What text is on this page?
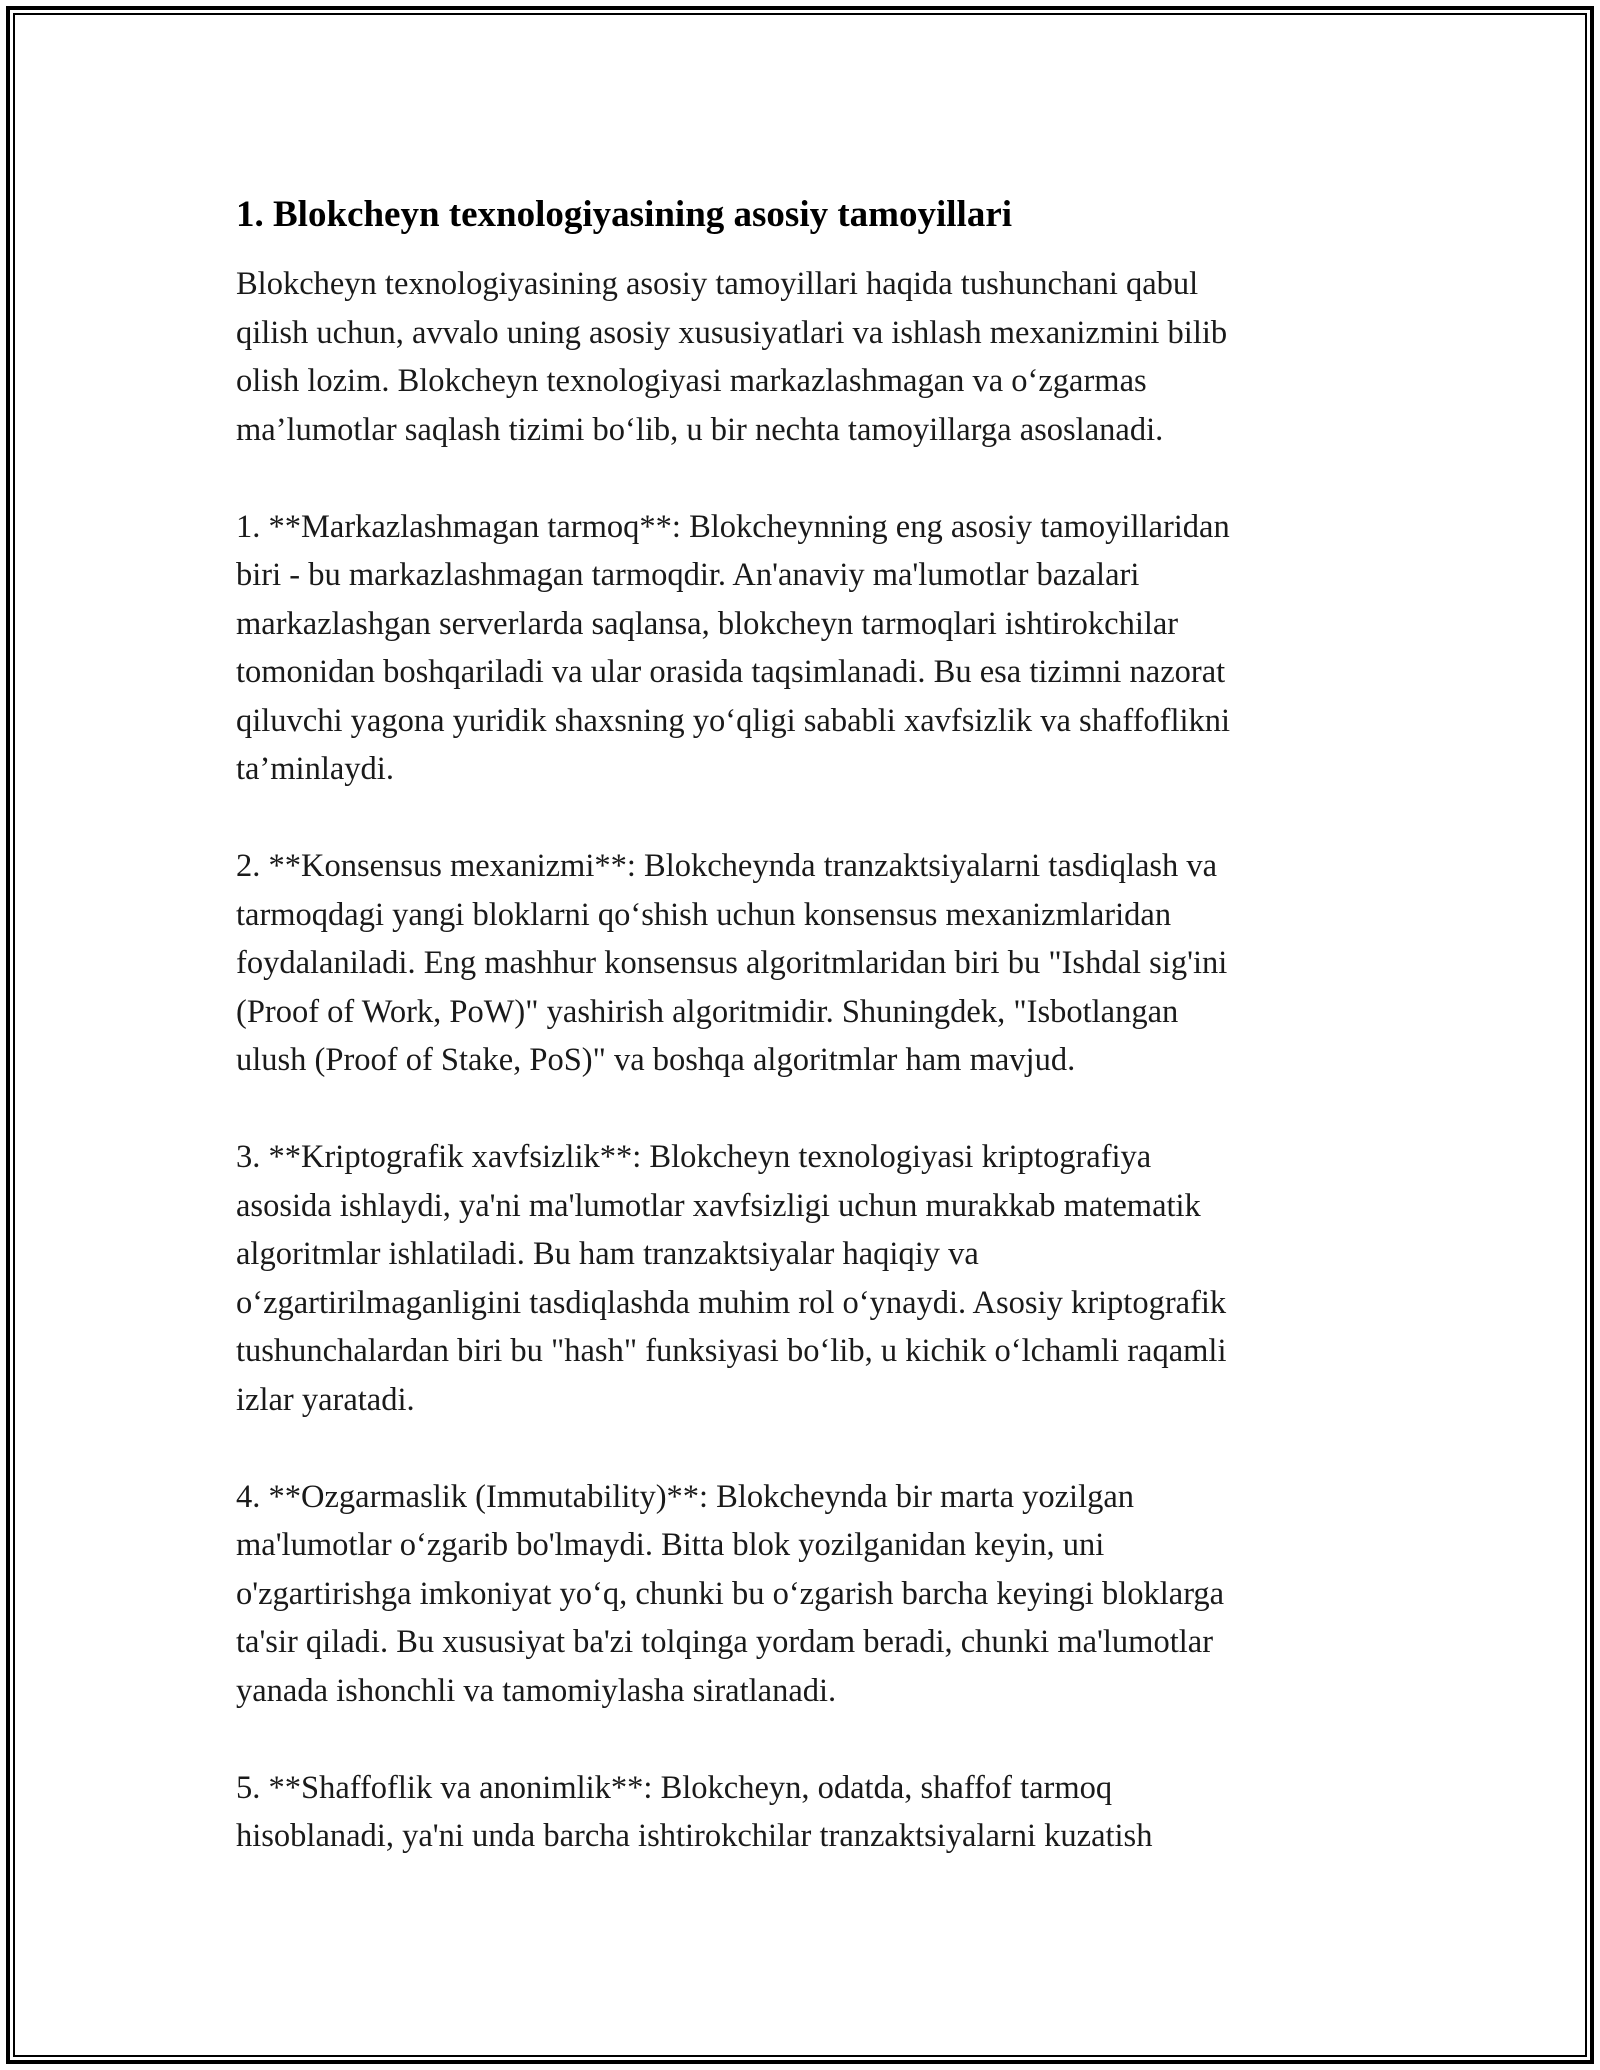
1. Blokcheyn texnologiyasining asosiy tamoyillari

Blokcheyn texnologiyasining asosiy tamoyillari haqida tushunchani qabul
qilish uchun, avvalo uning asosiy xususiyatlari va ishlash mexanizmini bilib
olish lozim. Blokcheyn texnologiyasi markazlashmagan va o‘zgarmas
ma’lumotlar saqlash tizimi bo‘lib, u bir nechta tamoyillarga asoslanadi.

1. **Markazlashmagan tarmoq**: Blokcheynning eng asosiy tamoyillaridan
biri - bu markazlashmagan tarmoqdir. An'anaviy ma'lumotlar bazalari
markazlashgan serverlarda saqlansa, blokcheyn tarmoqlari ishtirokchilar
tomonidan boshqariladi va ular orasida taqsimlanadi. Bu esa tizimni nazorat
qiluvchi yagona yuridik shaxsning yo‘qligi sababli xavfsizlik va shaffoflikni
ta’minlaydi.

2. **Konsensus mexanizmi**: Blokcheynda tranzaktsiyalarni tasdiqlash va
tarmoqdagi yangi bloklarni qo‘shish uchun konsensus mexanizmlaridan
foydalaniladi. Eng mashhur konsensus algoritmlaridan biri bu "Ishdal sig'ini
(Proof of Work, PoW)" yashirish algoritmidir. Shuningdek, "Isbotlangan
ulush (Proof of Stake, PoS)" va boshqa algoritmlar ham mavjud.

3. **Kriptografik xavfsizlik**: Blokcheyn texnologiyasi kriptografiya
asosida ishlaydi, ya'ni ma'lumotlar xavfsizligi uchun murakkab matematik
algoritmlar ishlatiladi. Bu ham tranzaktsiyalar haqiqiy va
o‘zgartirilmaganligini tasdiqlashda muhim rol o‘ynaydi. Asosiy kriptografik
tushunchalardan biri bu "hash" funksiyasi bo‘lib, u kichik o‘lchamli raqamli
izlar yaratadi.

4. **Ozgarmaslik (Immutability)**: Blokcheynda bir marta yozilgan
ma'lumotlar o‘zgarib bo'lmaydi. Bitta blok yozilganidan keyin, uni
o'zgartirishga imkoniyat yo‘q, chunki bu o‘zgarish barcha keyingi bloklarga
ta'sir qiladi. Bu xususiyat ba'zi tolqinga yordam beradi, chunki ma'lumotlar
yanada ishonchli va tamomiylasha siratlanadi.

5. **Shaffoflik va anonimlik**: Blokcheyn, odatda, shaffof tarmoq
hisoblanadi, ya'ni unda barcha ishtirokchilar tranzaktsiyalarni kuzatish
